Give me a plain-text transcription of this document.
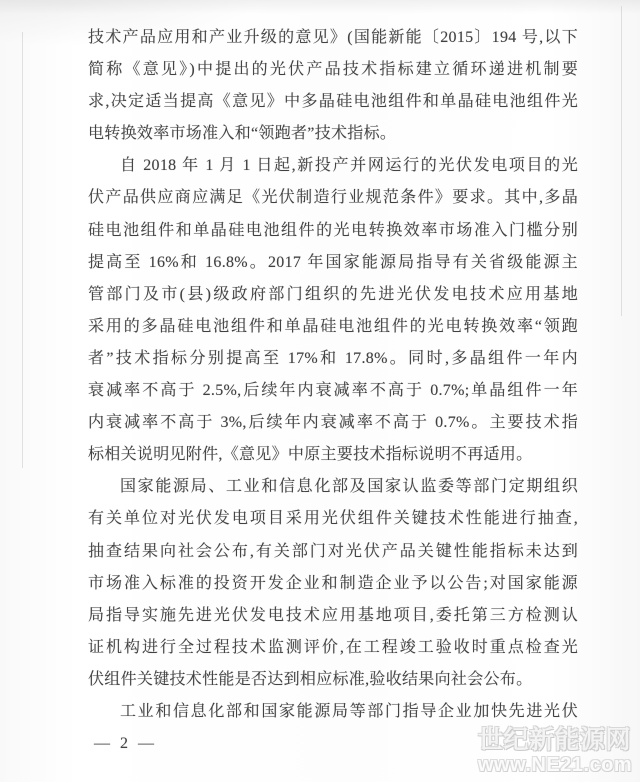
技术产品应用和产业升级的意见》(国能新能〔2015〕194 号,以下
简称《意见》)中提出的光伏产品技术指标建立循环递进机制要
求,决定适当提高《意见》中多晶硅电池组件和单晶硅电池组件光
电转换效率市场准入和“领跑者”技术指标。
自 2018 年 1 月 1 日起,新投产并网运行的光伏发电项目的光
伏产品供应商应满足《光伏制造行业规范条件》要求。其中,多晶
硅电池组件和单晶硅电池组件的光电转换效率市场准入门槛分别
提高至 16%和 16.8%。2017 年国家能源局指导有关省级能源主
管部门及市(县)级政府部门组织的先进光伏发电技术应用基地
采用的多晶硅电池组件和单晶硅电池组件的光电转换效率“领跑
者”技术指标分别提高至 17%和 17.8%。同时,多晶组件一年内
衰减率不高于 2.5%,后续年内衰减率不高于 0.7%;单晶组件一年
内衰减率不高于 3%,后续年内衰减率不高于 0.7%。主要技术指
标相关说明见附件,《意见》中原主要技术指标说明不再适用。
国家能源局、工业和信息化部及国家认监委等部门定期组织
有关单位对光伏发电项目采用光伏组件关键技术性能进行抽查,
抽查结果向社会公布,有关部门对光伏产品关键性能指标未达到
市场准入标准的投资开发企业和制造企业予以公告;对国家能源
局指导实施先进光伏发电技术应用基地项目,委托第三方检测认
证机构进行全过程技术监测评价,在工程竣工验收时重点检查光
伏组件关键技术性能是否达到相应标准,验收结果向社会公布。
工业和信息化部和国家能源局等部门指导企业加快先进光伏
— 2 —	世纪新能源网
www.NE21.com
